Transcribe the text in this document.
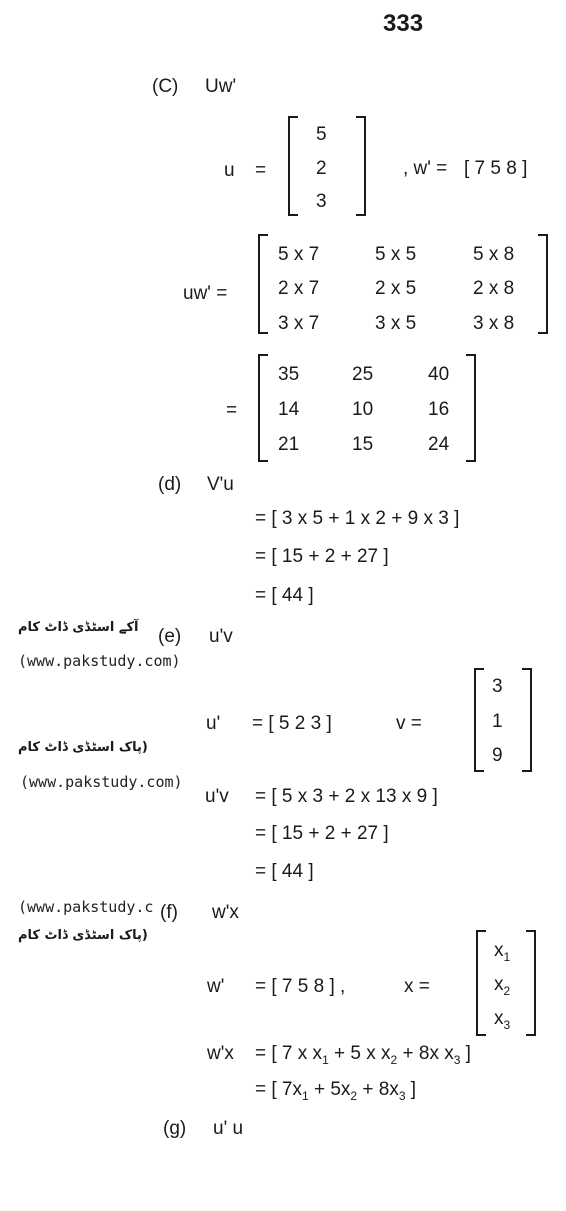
333
(C) Uw'
u =
5
2
3
, w' = [ 7 5 8 ]
uw' =
5 x 7	5 x 5	5 x 8
2 x 7	2 x 5	2 x 8
3 x 7	3 x 5	3 x 8
=
35	25	40
14	10	16
21	15	24
(d) V'u
= [ 3 x 5 + 1 x 2 + 9 x 3 ]
= [ 15 + 2 + 27 ]
= [ 44 ]
آکے اسٹڈی ڈاٹ کام
(www.pakstudy.com)
(e) u'v
u' = [ 5 2 3 ]	v =
3
1
9
(پاک اسٹڈی ڈاٹ کام
(www.pakstudy.com)
u'v = [ 5 x 3 + 2 x 13 x 9 ]
= [ 15 + 2 + 27 ]
= [ 44 ]
(www.pakstudy.c
(پاک اسٹڈی ڈاٹ کام
(f) w'x
w' = [ 7 5 8 ] ,	x =
$x_1$
$x_2$
$x_3$
w'x = [ 7 x $x_1 + 5$ x $x_2 + 8x$ $x_3$ ]
= [ $7x_1 + 5x_2 + 8x_3$ ]
(g) u' u
